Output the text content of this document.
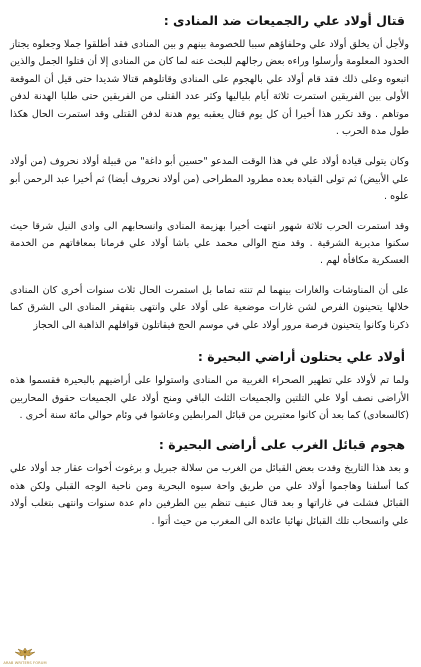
قتال أولاد علي رالجميعات ضد المنادى :

ولأجل أن يخلق أولاد علي وحلفاؤهم سببا للخصومة بينهم و بين المنادى فقد أطلقوا جملا وجعلوه يجتاز الحدود المعلومة وأرسلوا وراءه بعض رجالهم للبحث عنه لما كان من المنادى إلا أن قتلوا الجمل والذين اتبعوه وعلى ذلك فقد قام أولاد علي بالهجوم على المنادى وقاتلوهم قتالا شديدا حتى قيل أن الموقعة الأولى بين الفريقين استمرت ثلاثة أيام بلياليها وكثر عدد القتلى من الفريقين حتى طلبا الهدنة لدفن موتاهم . وقد تكرر هذا أخيرا أن كل يوم قتال يعقبه يوم هدنة لدفن القتلى وقد استمرت الحال هكذا طول مدة الحرب .

وكان يتولى قيادة أولاد علي في هذا الوقت المدعو "حسين أبو داغة" من قبيلة أولاد نحروف (من أولاد علي الأبيض) ثم تولى القيادة بعده مطرود المطراحى (من أولاد نحروف أيضا) ثم أخيرا عبد الرحمن أبو علوه .

وقد استمرت الحرب ثلاثة شهور انتهت أخيرا بهزيمة المنادى وانسحابهم الى وادى النيل شرقا حيث سكنوا مديرية الشرقية . وقد منح الوالى محمد علي باشا أولاد علي فرمانا بمعافاتهم من الخدمة العسكرية مكافأة لهم .

على أن المناوشات والغارات بينهما لم تنته تماما بل استمرت الحال ثلاث سنوات أخرى كان المنادى خلالها يتحينون الفرص لشن غارات موضعية على أولاد علي وانتهى بتقهقر المنادى الى الشرق كما ذكرنا وكانوا يتحينون فرصة مرور أولاد علي في موسم الحج فيقاتلون قوافلهم الذاهبة الى الحجاز

أولاد علي يحتلون أراضي البحيرة :

ولما تم لأولاد علي تطهير الصحراء الغربية من المنادى واستولوا على أراضيهم بالبحيرة فقسموا هذه الأراضى نصف أولا علي التلتين والجميعات الثلث الباقي ومنح أولاد علي الجميعات حقوق المحاربين (كالسعادى) كما بعد أن كانوا معتبرين من قبائل المرابطين وعاشوا في وئام حوالي مائة سنة أخرى .

هجوم قبائل الغرب على أراضى البحيرة :

و بعد هذا التاريخ وفدت بعض القبائل من الغرب من سلالة جبريل و برغوث أخوات عقار جد أولاد علي كما أسلفنا وهاجموا أولاد علي من طريق واحة سيوه البحرية ومن ناحية الوجه القبلي ولكن هذه القبائل فشلت في غاراتها و بعد قتال عنيف تنظم بين الطرفين دام عدة سنوات وانتهى بتغلب أولاد علي وانسحاب تلك القبائل نهائيا عائدة الى المغرب من حيث أتوا .

ARAB WRITERS FORUM
